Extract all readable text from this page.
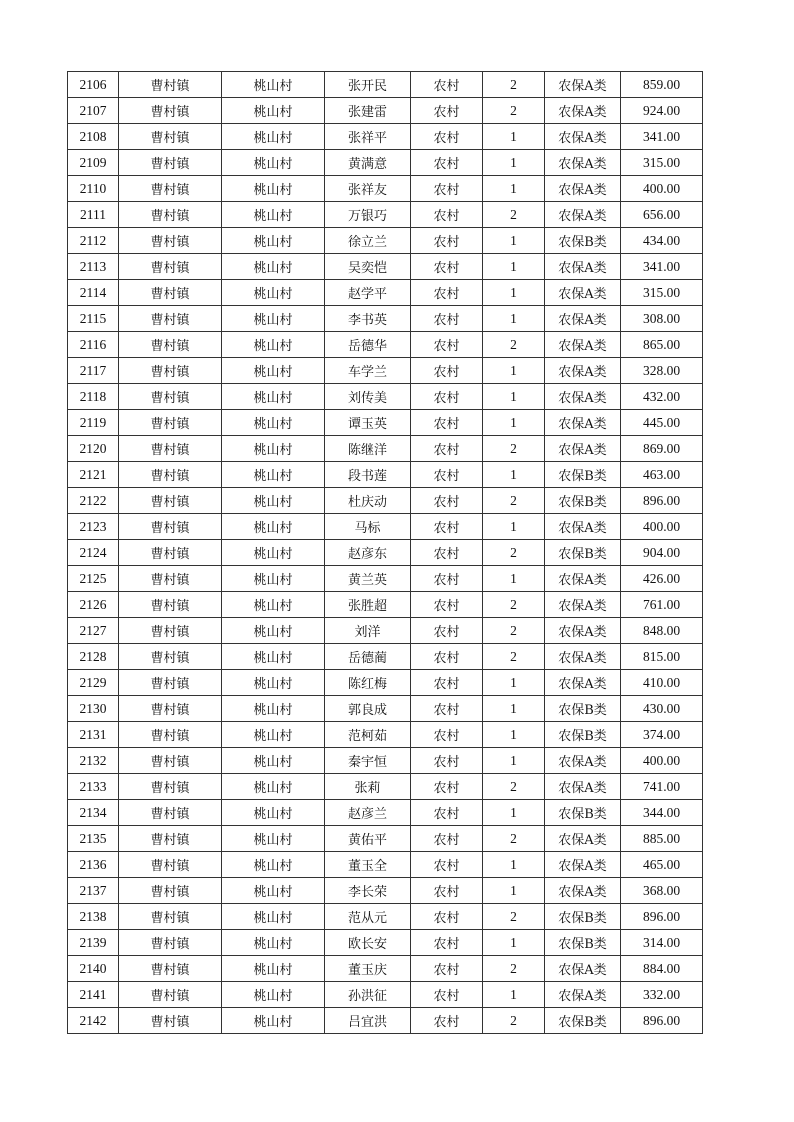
2106	曹村镇	桃山村	张开民	农村	2	农保A类	859.00
2107	曹村镇	桃山村	张建雷	农村	2	农保A类	924.00
2108	曹村镇	桃山村	张祥平	农村	1	农保A类	341.00
2109	曹村镇	桃山村	黄满意	农村	1	农保A类	315.00
2110	曹村镇	桃山村	张祥友	农村	1	农保A类	400.00
2111	曹村镇	桃山村	万银巧	农村	2	农保A类	656.00
2112	曹村镇	桃山村	徐立兰	农村	1	农保B类	434.00
2113	曹村镇	桃山村	吴奕恺	农村	1	农保A类	341.00
2114	曹村镇	桃山村	赵学平	农村	1	农保A类	315.00
2115	曹村镇	桃山村	李书英	农村	1	农保A类	308.00
2116	曹村镇	桃山村	岳德华	农村	2	农保A类	865.00
2117	曹村镇	桃山村	车学兰	农村	1	农保A类	328.00
2118	曹村镇	桃山村	刘传美	农村	1	农保A类	432.00
2119	曹村镇	桃山村	谭玉英	农村	1	农保A类	445.00
2120	曹村镇	桃山村	陈继洋	农村	2	农保A类	869.00
2121	曹村镇	桃山村	段书莲	农村	1	农保B类	463.00
2122	曹村镇	桃山村	杜庆动	农村	2	农保B类	896.00
2123	曹村镇	桃山村	马标	农村	1	农保A类	400.00
2124	曹村镇	桃山村	赵彦东	农村	2	农保B类	904.00
2125	曹村镇	桃山村	黄兰英	农村	1	农保A类	426.00
2126	曹村镇	桃山村	张胜超	农村	2	农保A类	761.00
2127	曹村镇	桃山村	刘洋	农村	2	农保A类	848.00
2128	曹村镇	桃山村	岳德蔺	农村	2	农保A类	815.00
2129	曹村镇	桃山村	陈红梅	农村	1	农保A类	410.00
2130	曹村镇	桃山村	郭良成	农村	1	农保B类	430.00
2131	曹村镇	桃山村	范柯茹	农村	1	农保B类	374.00
2132	曹村镇	桃山村	秦宇恒	农村	1	农保A类	400.00
2133	曹村镇	桃山村	张莉	农村	2	农保A类	741.00
2134	曹村镇	桃山村	赵彦兰	农村	1	农保B类	344.00
2135	曹村镇	桃山村	黄佑平	农村	2	农保A类	885.00
2136	曹村镇	桃山村	董玉全	农村	1	农保A类	465.00
2137	曹村镇	桃山村	李长荣	农村	1	农保A类	368.00
2138	曹村镇	桃山村	范从元	农村	2	农保B类	896.00
2139	曹村镇	桃山村	欧长安	农村	1	农保B类	314.00
2140	曹村镇	桃山村	董玉庆	农村	2	农保A类	884.00
2141	曹村镇	桃山村	孙洪征	农村	1	农保A类	332.00
2142	曹村镇	桃山村	吕宜洪	农村	2	农保B类	896.00
